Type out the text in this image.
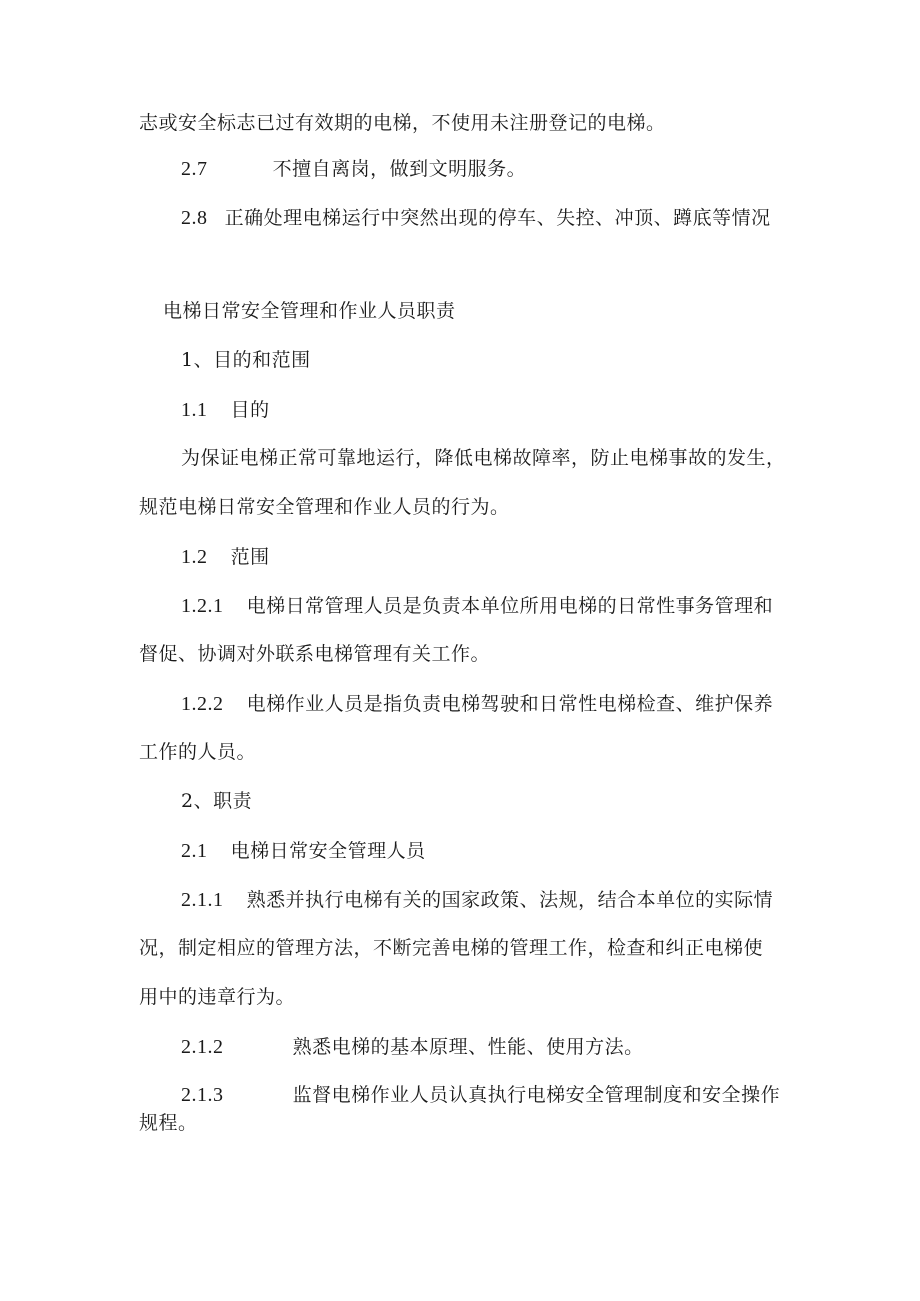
志或安全标志已过有效期的电梯，不使用未注册登记的电梯。
2.7	不擅自离岗，做到文明服务。
2.8 正确处理电梯运行中突然出现的停车、失控、冲顶、蹲底等情况
电梯日常安全管理和作业人员职责
1、目的和范围
1.1 目的
为保证电梯正常可靠地运行，降低电梯故障率，防止电梯事故的发生，
规范电梯日常安全管理和作业人员的行为。
1.2 范围
1.2.1 电梯日常管理人员是负责本单位所用电梯的日常性事务管理和
督促、协调对外联系电梯管理有关工作。
1.2.2 电梯作业人员是指负责电梯驾驶和日常性电梯检查、维护保养
工作的人员。
2、职责
2.1 电梯日常安全管理人员
2.1.1 熟悉并执行电梯有关的国家政策、法规，结合本单位的实际情
况，制定相应的管理方法，不断完善电梯的管理工作，检查和纠正电梯使
用中的违章行为。
2.1.2	熟悉电梯的基本原理、性能、使用方法。
2.1.3	监督电梯作业人员认真执行电梯安全管理制度和安全操作
规程。
